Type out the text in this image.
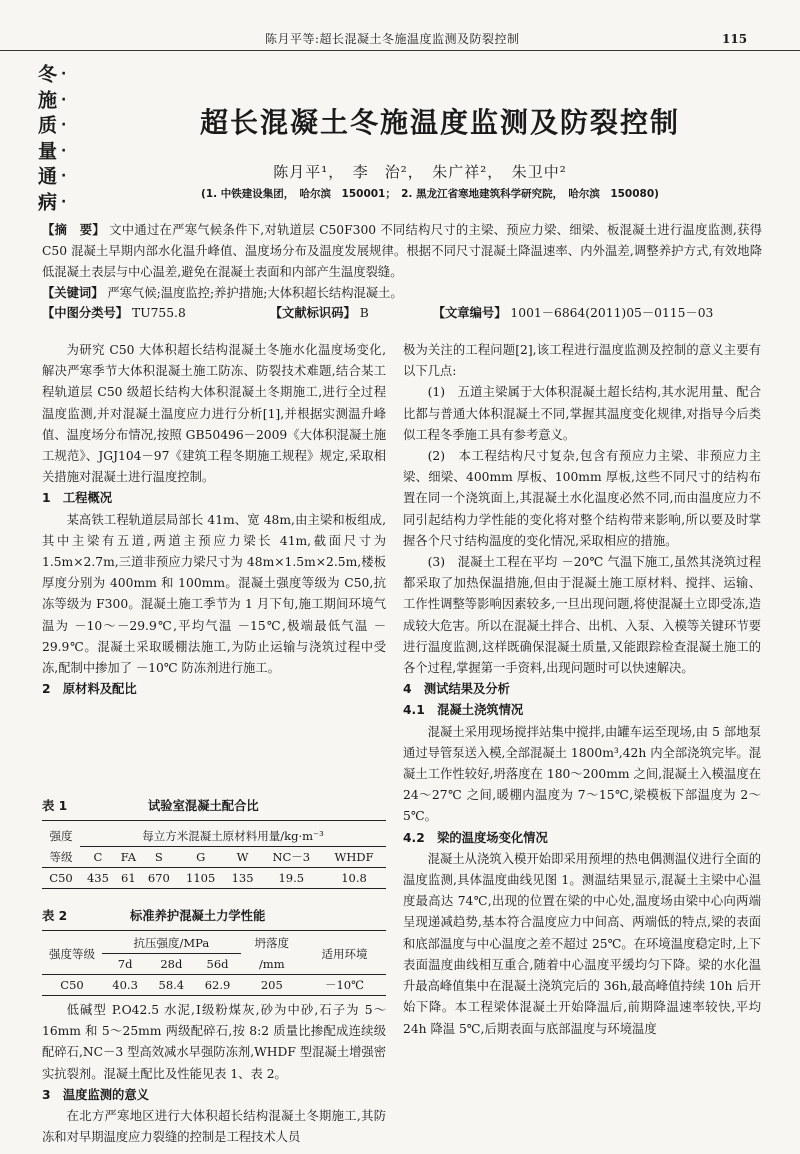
陈月平等:超长混凝土冬施温度监测及防裂控制	115
冬 ·
施 ·
质 ·
量 ·
通 ·
病 ·
超长混凝土冬施温度监测及防裂控制
陈月平¹，　李　治²，　朱广祥²，　朱卫中²
(1. 中铁建设集团，　哈尔滨　150001；　2. 黑龙江省寒地建筑科学研究院，　哈尔滨　150080)
【摘　要】 文中通过在严寒气候条件下,对轨道层 C50F300 不同结构尺寸的主梁、预应力梁、细梁、板混凝土进行温度监测,获得 C50 混凝土早期内部水化温升峰值、温度场分布及温度发展规律。根据不同尺寸混凝土降温速率、内外温差,调整养护方式,有效地降低混凝土表层与中心温差,避免在混凝土表面和内部产生温度裂缝。
【关键词】 严寒气候;温度监控;养护措施;大体积超长结构混凝土。
【中图分类号】 TU755.8	【文献标识码】 B	【文章编号】 1001－6864(2011)05－0115－03

为研究 C50 大体积超长结构混凝土冬施水化温度场变化,解决严寒季节大体积混凝土施工防冻、防裂技术难题,结合某工程轨道层 C50 级超长结构大体积混凝土冬期施工,进行全过程温度监测,并对混凝土温度应力进行分析[1],并根据实测温升峰值、温度场分布情况,按照 GB50496－2009《大体积混凝土施工规范》、JGJ104－97《建筑工程冬期施工规程》规定,采取相关措施对混凝土进行温度控制。

1　工程概况

某高铁工程轨道层局部长 41m、宽 48m,由主梁和板组成,其中主梁有五道,两道主预应力梁长 41m,截面尺寸为 1.5m×2.7m,三道非预应力梁尺寸为 48m×1.5m×2.5m,楼板厚度分别为 400mm 和 100mm。混凝土强度等级为 C50,抗冻等级为 F300。混凝土施工季节为 1 月下旬,施工期间环境气温为 －10～－29.9℃,平均气温 －15℃,极端最低气温 －29.9℃。混凝土采取暖棚法施工,为防止运输与浇筑过程中受冻,配制中掺加了 －10℃ 防冻剂进行施工。

2　原材料及配比

表 1	试验室混凝土配合比
强度	每立方米混凝土原材料用量/kg·m⁻³						
等级	C	FA	S	G	W	NC－3	WHDF
C50	435	61	670	1105	135	19.5	10.8
表 2	标准养护混凝土力学性能
强度等级	抗压强度/MPa			坍落度	适用环境
	7d	28d	56d	/mm	
C50	40.3	58.4	62.9	205	－10℃

低碱型 P.O42.5 水泥,Ⅰ级粉煤灰,砂为中砂,石子为 5～16mm 和 5～25mm 两级配碎石,按 8:2 质量比掺配成连续级配碎石,NC－3 型高效减水早强防冻剂,WHDF 型混凝土增强密实抗裂剂。混凝土配比及性能见表 1、表 2。

3　温度监测的意义

在北方严寒地区进行大体积超长结构混凝土冬期施工,其防冻和对早期温度应力裂缝的控制是工程技术人员

极为关注的工程问题[2],该工程进行温度监测及控制的意义主要有以下几点:

(1)　五道主梁属于大体积混凝土超长结构,其水泥用量、配合比都与普通大体积混凝土不同,掌握其温度变化规律,对指导今后类似工程冬季施工具有参考意义。

(2)　本工程结构尺寸复杂,包含有预应力主梁、非预应力主梁、细梁、400mm 厚板、100mm 厚板,这些不同尺寸的结构布置在同一个浇筑面上,其混凝土水化温度必然不同,而由温度应力不同引起结构力学性能的变化将对整个结构带来影响,所以要及时掌握各个尺寸结构温度的变化情况,采取相应的措施。

(3)　混凝土工程在平均 －20℃ 气温下施工,虽然其浇筑过程都采取了加热保温措施,但由于混凝土施工原材料、搅拌、运输、工作性调整等影响因素较多,一旦出现问题,将使混凝土立即受冻,造成较大危害。所以在混凝土拌合、出机、入泵、入模等关键环节要进行温度监测,这样既确保混凝土质量,又能跟踪检查混凝土施工的各个过程,掌握第一手资料,出现问题时可以快速解决。

4　测试结果及分析

4.1　混凝土浇筑情况

混凝土采用现场搅拌站集中搅拌,由罐车运至现场,由 5 部地泵通过导管泵送入模,全部混凝土 1800m³,42h 内全部浇筑完毕。混凝土工作性较好,坍落度在 180～200mm 之间,混凝土入模温度在 24～27℃ 之间,暖棚内温度为 7～15℃,梁模板下部温度为 2～5℃。

4.2　梁的温度场变化情况

混凝土从浇筑入模开始即采用预埋的热电偶测温仪进行全面的温度监测,具体温度曲线见图 1。测温结果显示,混凝土主梁中心温度最高达 74℃,出现的位置在梁的中心处,温度场由梁中心向两端呈现递减趋势,基本符合温度应力中间高、两端低的特点,梁的表面和底部温度与中心温度之差不超过 25℃。在环境温度稳定时,上下表面温度曲线相互重合,随着中心温度平缓均匀下降。梁的水化温升最高峰值集中在混凝土浇筑完后的 36h,最高峰值持续 10h 后开始下降。本工程梁体混凝土开始降温后,前期降温速率较快,平均 24h 降温 5℃,后期表面与底部温度与环境温度
